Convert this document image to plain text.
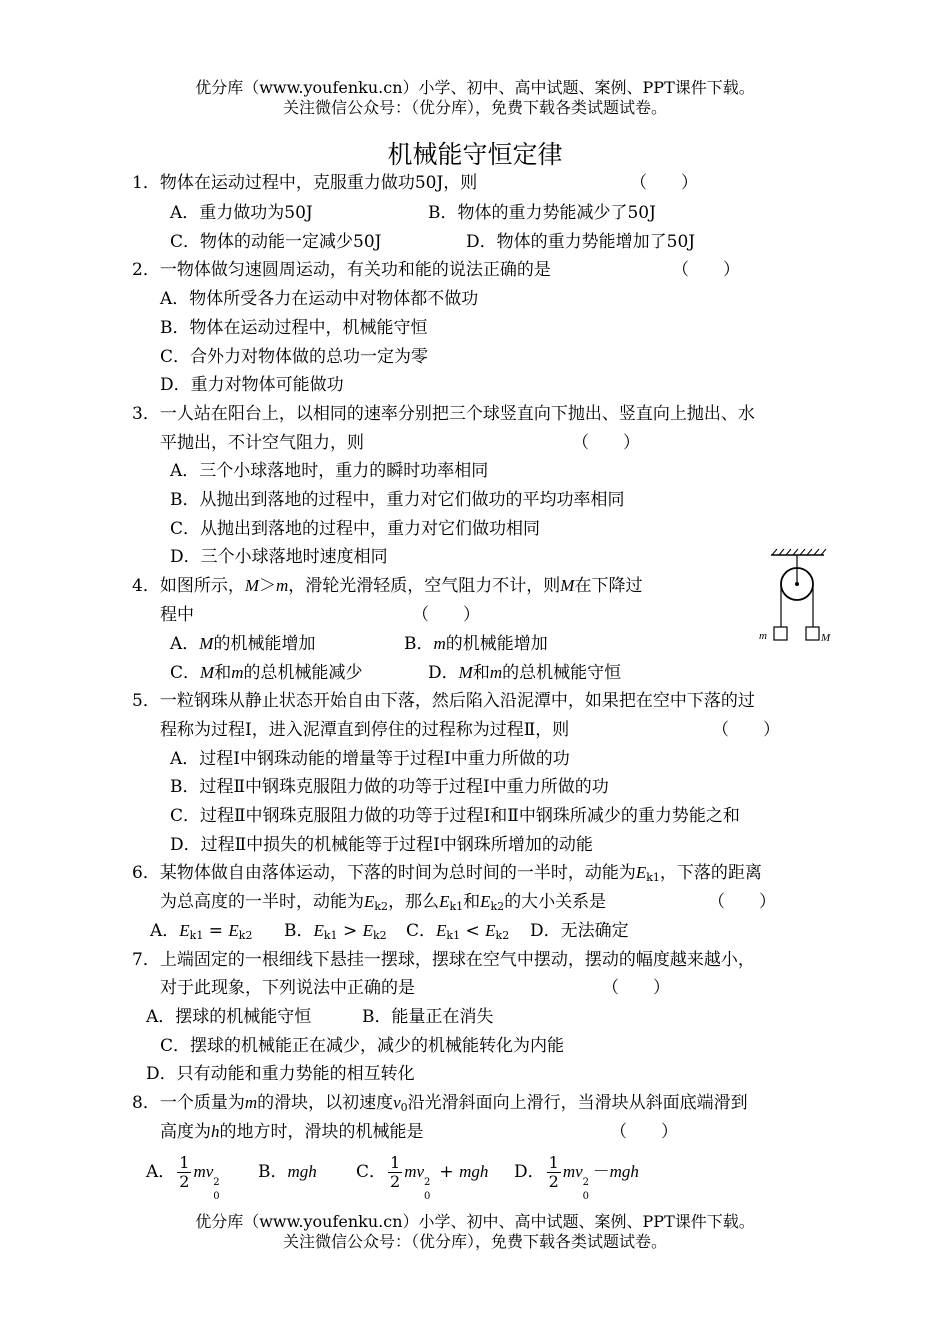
优分库（www.youfenku.cn）小学、初中、高中试题、案例、PPT课件下载。
关注微信公众号：（优分库），免费下载各类试题试卷。
机械能守恒定律
1．物体在运动过程中，克服重力做功50J，则	（　　）
A．重力做功为50J	B．物体的重力势能减少了50J
C．物体的动能一定减少50J	D．物体的重力势能增加了50J
2．一物体做匀速圆周运动，有关功和能的说法正确的是	（　　）
A．物体所受各力在运动中对物体都不做功
B．物体在运动过程中，机械能守恒
C．合外力对物体做的总功一定为零
D．重力对物体可能做功
3．一人站在阳台上，以相同的速率分别把三个球竖直向下抛出、竖直向上抛出、水
平抛出，不计空气阻力，则	（　　）
A．三个小球落地时，重力的瞬时功率相同
B．从抛出到落地的过程中，重力对它们做功的平均功率相同
C．从抛出到落地的过程中，重力对它们做功相同
D．三个小球落地时速度相同
4．如图所示，M＞m，滑轮光滑轻质，空气阻力不计，则M在下降过
程中	（　　）
A．M的机械能增加	B．m的机械能增加
C．M和m的总机械能减少	D．M和m的总机械能守恒
m	M
5．一粒钢珠从静止状态开始自由下落，然后陷入沿泥潭中，如果把在空中下落的过
程称为过程Ⅰ，进入泥潭直到停住的过程称为过程Ⅱ，则	（　　）
A．过程Ⅰ中钢珠动能的增量等于过程Ⅰ中重力所做的功
B．过程Ⅱ中钢珠克服阻力做的功等于过程Ⅰ中重力所做的功
C．过程Ⅱ中钢珠克服阻力做的功等于过程Ⅰ和Ⅱ中钢珠所减少的重力势能之和
D．过程Ⅱ中损失的机械能等于过程Ⅰ中钢珠所增加的动能
6．某物体做自由落体运动，下落的时间为总时间的一半时，动能为$E_{k1}$，下落的距离
为总高度的一半时，动能为$E_{k2}$，那么$E_{k1}$和$E_{k2}$的大小关系是	（　　）
A．$E_{k1} = E_{k2}$ B．$E_{k1} > E_{k2}$ C．$E_{k1} < E_{k2}$ D．无法确定
7．上端固定的一根细线下悬挂一摆球，摆球在空气中摆动，摆动的幅度越来越小，
对于此现象，下列说法中正确的是	（　　）
A．摆球的机械能守恒	B．能量正在消失
C．摆球的机械能正在减少，减少的机械能转化为内能
D．只有动能和重力势能的相互转化
8．一个质量为m的滑块，以初速度$v_0$沿光滑斜面向上滑行，当滑块从斜面底端滑到
高度为h的地方时，滑块的机械能是	（　　）
A． $\frac{1}{2}$ mv
2
0

B．mgh C． $\frac{1}{2}$ mv
2
0
  + mgh D． $\frac{1}{2}$ mv
2
0
 －mgh
优分库（www.youfenku.cn）小学、初中、高中试题、案例、PPT课件下载。
关注微信公众号：（优分库），免费下载各类试题试卷。
